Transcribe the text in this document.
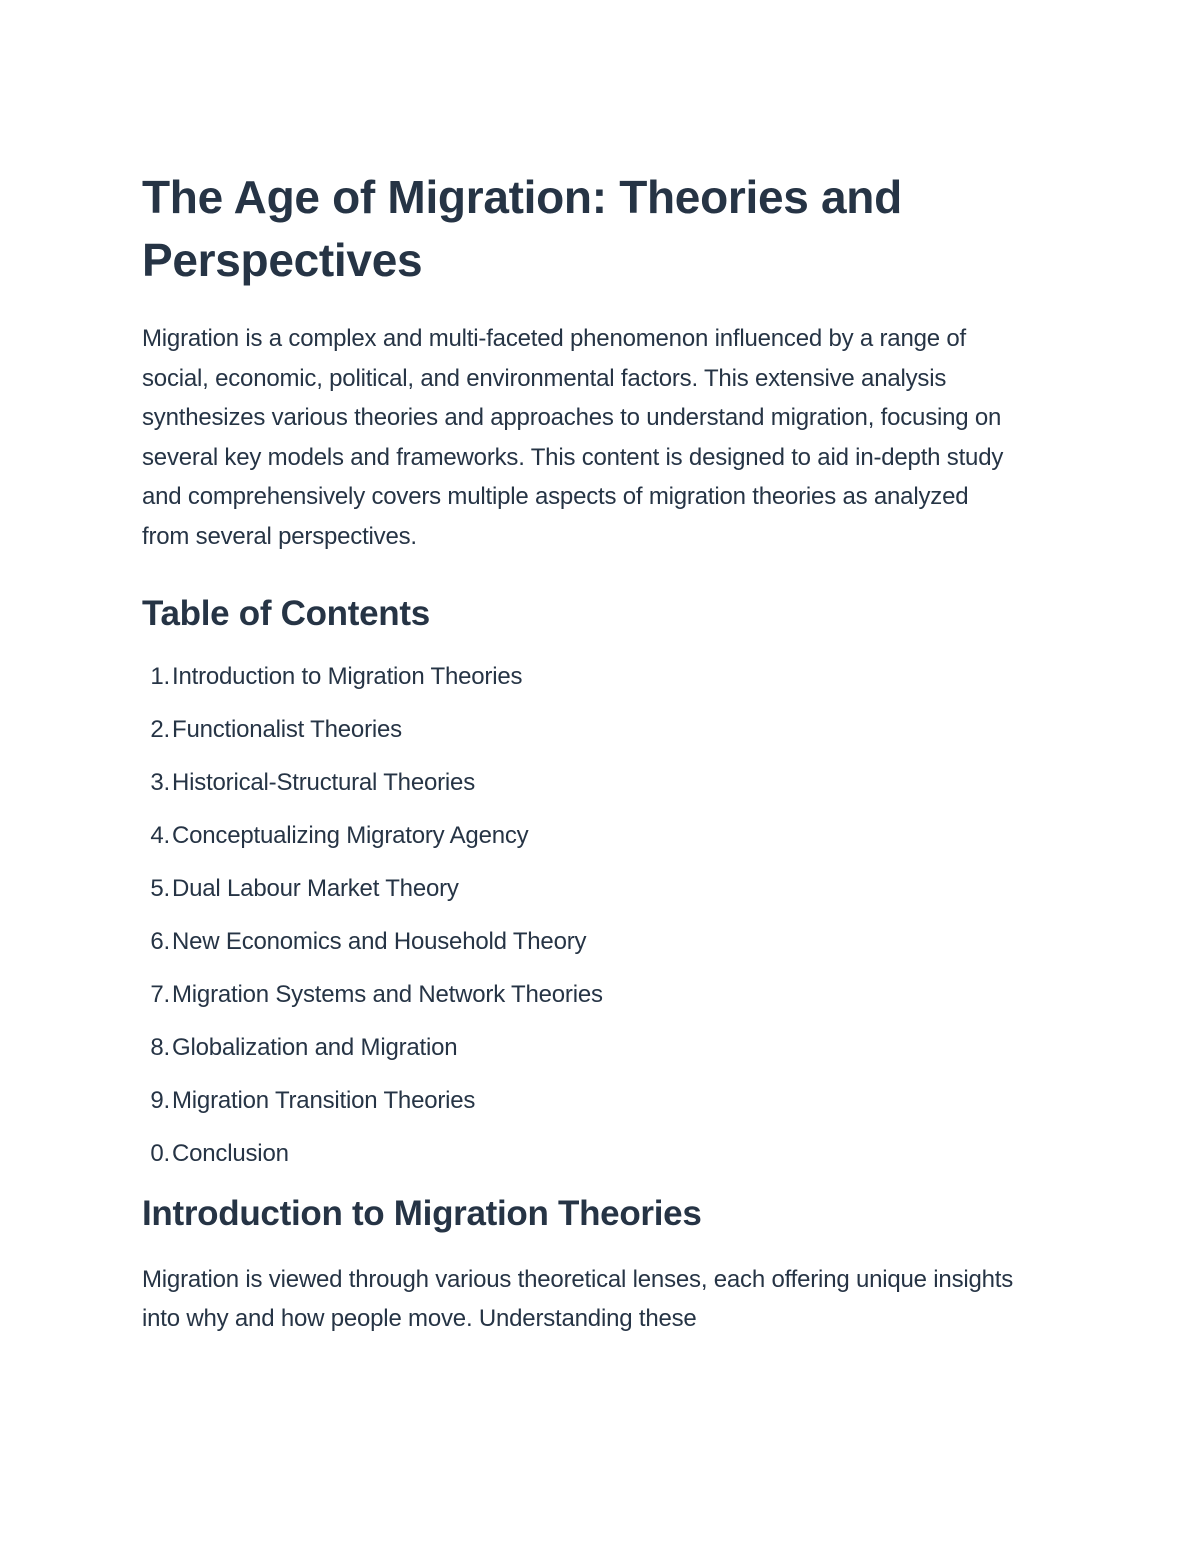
The Age of Migration: Theories and Perspectives

Migration is a complex and multi-faceted phenomenon influenced by a range of social, economic, political, and environmental factors. This extensive analysis synthesizes various theories and approaches to understand migration, focusing on several key models and frameworks. This content is designed to aid in-depth study and comprehensively covers multiple aspects of migration theories as analyzed from several perspectives.

Table of Contents
1. Introduction to Migration Theories
2. Functionalist Theories
3. Historical-Structural Theories
4. Conceptualizing Migratory Agency
5. Dual Labour Market Theory
6. New Economics and Household Theory
7. Migration Systems and Network Theories
8. Globalization and Migration
9. Migration Transition Theories
0. Conclusion
Introduction to Migration Theories

Migration is viewed through various theoretical lenses, each offering unique insights into why and how people move. Understanding these
